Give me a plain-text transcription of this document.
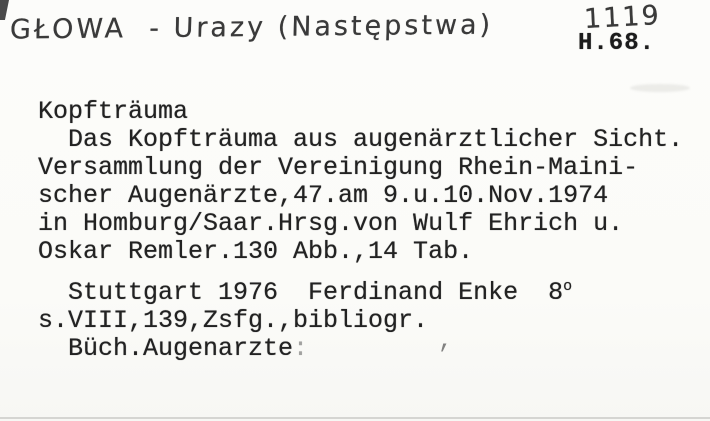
GŁOWA  - Urazy (Następstwa)	1119
H.68.
Kopfträuma
Das Kopfträuma aus augenärztlicher Sicht.
Versammlung der Vereinigung Rhein-Maini-
scher Augenärzte,47.am 9.u.10.Nov.1974
in Homburg/Saar.Hrsg.von Wulf Ehrich u.
Oskar Remler.130 Abb.,14 Tab.
Stuttgart 1976  Ferdinand Enke  8$^o$
s.VIII,139,Zsfg.,bibliogr.
Büch.Augenarzte:	,
